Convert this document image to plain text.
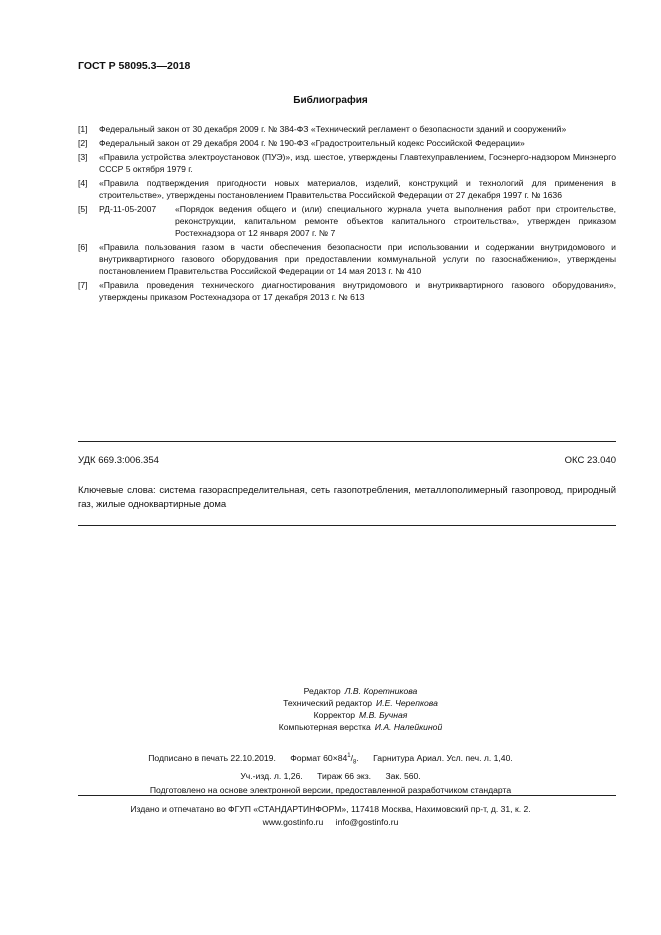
ГОСТ Р 58095.3—2018
Библиография
[1]	Федеральный закон от 30 декабря 2009 г. № 384-ФЗ «Технический регламент о безопасности зданий и сооружений»
[2]	Федеральный закон от 29 декабря 2004 г. № 190-ФЗ «Градостроительный кодекс Российской Федерации»
[3]	«Правила устройства электроустановок (ПУЭ)», изд. шестое, утверждены Главтехуправлением, Госэнерго-надзором Минэнерго СССР 5 октября 1979 г.
[4]	«Правила подтверждения пригодности новых материалов, изделий, конструкций и технологий для применения в строительстве», утверждены постановлением Правительства Российской Федерации от 27 декабря 1997 г. № 1636
[5]	РД-11-05-2007	«Порядок ведения общего и (или) специального журнала учета выполнения работ при строительстве, реконструкции, капитальном ремонте объектов капитального строительства», утвержден приказом Ростехнадзора от 12 января 2007 г. № 7
[6]	«Правила пользования газом в части обеспечения безопасности при использовании и содержании внутридомового и внутриквартирного газового оборудования при предоставлении коммунальной услуги по газоснабжению», утверждены постановлением Правительства Российской Федерации от 14 мая 2013 г. № 410
[7]	«Правила проведения технического диагностирования внутридомового и внутриквартирного газового оборудования», утверждены приказом Ростехнадзора от 17 декабря 2013 г. № 613
УДК 669.3:006.354	ОКС 23.040
Ключевые слова: система газораспределительная, сеть газопотребления, металлополимерный газопровод, природный газ, жилые одноквартирные дома
Редактор Л.В. Коретникова
Технический редактор И.Е. Черепкова
Корректор М.В. Бучная
Компьютерная верстка И.А. Налейкиной
Подписано в печать 22.10.2019. Формат $60\times 84^1/_8$. Гарнитура Ариал. Усл. печ. л. 1,40.
Уч.-изд. л. 1,26. Тираж 66 экз. Зак. 560.
Подготовлено на основе электронной версии, предоставленной разработчиком стандарта
Издано и отпечатано во ФГУП «СТАНДАРТИНФОРМ», 117418 Москва, Нахимовский пр-т, д. 31, к. 2.
www.gostinfo.ru info@gostinfo.ru
